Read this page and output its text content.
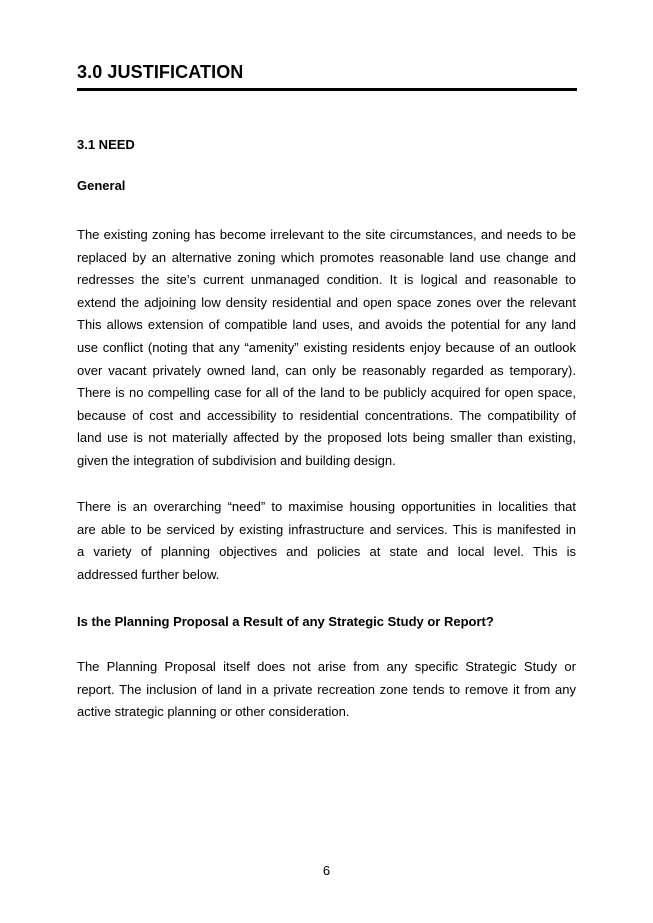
3.0 JUSTIFICATION
3.1 NEED
General

The existing zoning has become irrelevant to the site circumstances, and needs to be
replaced by an alternative zoning which promotes reasonable land use change and
redresses the site’s current unmanaged condition. It is logical and reasonable to
extend the adjoining low density residential and open space zones over the relevant
This allows extension of compatible land uses, and avoids the potential for any land
use conflict (noting that any “amenity” existing residents enjoy because of an outlook
over vacant privately owned land, can only be reasonably regarded as temporary).
There is no compelling case for all of the land to be publicly acquired for open space,
because of cost and accessibility to residential concentrations. The compatibility of
land use is not materially affected by the proposed lots being smaller than existing,
given the integration of subdivision and building design.

There is an overarching “need” to maximise housing opportunities in localities that
are able to be serviced by existing infrastructure and services. This is manifested in
a variety of planning objectives and policies at state and local level. This is
addressed further below.

Is the Planning Proposal a Result of any Strategic Study or Report?

The Planning Proposal itself does not arise from any specific Strategic Study or
report. The inclusion of land in a private recreation zone tends to remove it from any
active strategic planning or other consideration.

6
